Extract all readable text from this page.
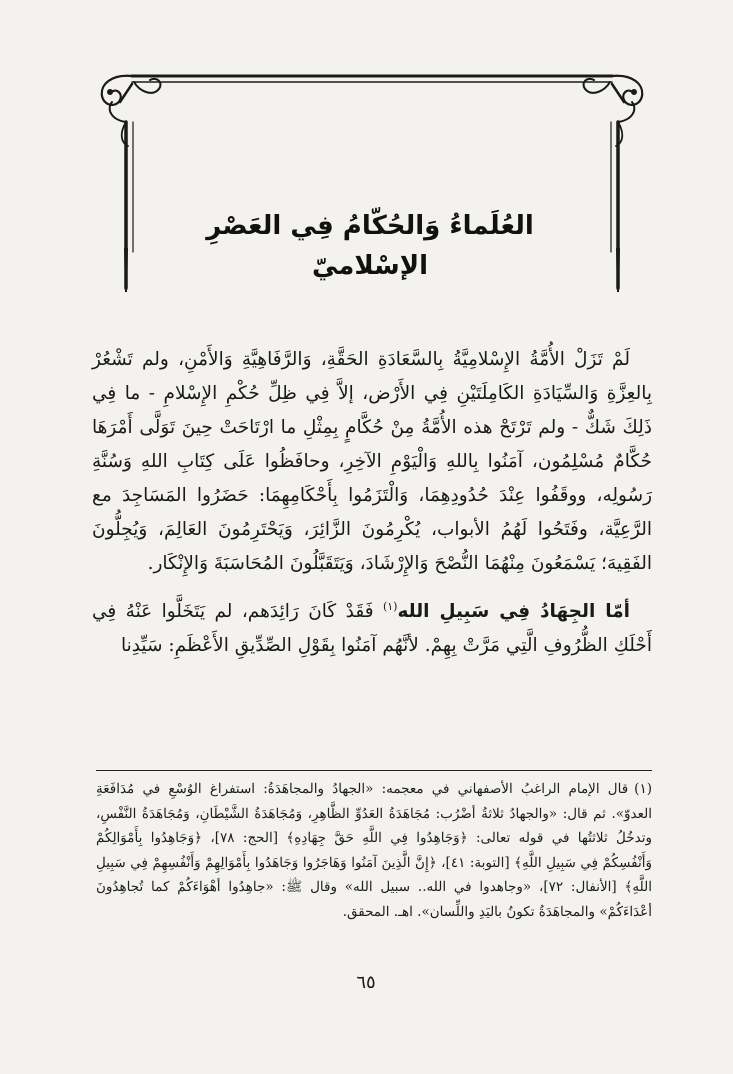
العُلَماءُ وَالحُكّامُ فِي العَصْرِ الإسْلاميّ

لَمْ تَزَلْ الأُمَّةُ الإِسْلامِيَّةُ بِالسَّعَادَةِ الحَقَّةِ، وَالرَّفَاهِيَّةِ وَالأَمْنِ، ولم تَشْعُرْ بِالعِزَّةِ وَالسِّيَادَةِ الكَامِلَتَيْنِ فِي الأَرْض، إلاَّ فِي ظِلِّ حُكْمِ الإِسْلامِ - ما فِي ذَلِكَ شَكٌّ - ولم تَرْتَحْ هذه الأُمَّةُ مِنْ حُكَّامٍ بِمِثْلِ ما ارْتَاحَتْ حِينَ تَوَلَّى أَمْرَهَا حُكَّامٌ مُسْلِمُون، آمَنُوا بِاللهِ وَالْيَوْمِ الآخِرِ، وحافَظُوا عَلَى كِتَابِ اللهِ وَسُنَّةِ رَسُولِه، ووقَفُوا عِنْدَ حُدُودِهِمَا، وَالْتَزَمُوا بِأَحْكَامِهِمَا: حَضَرُوا المَسَاجِدَ مع الرَّعِيَّة، وفَتَحُوا لَهُمُ الأبواب، يُكْرِمُونَ الزَّائِرَ، وَيَحْتَرِمُونَ العَالِمَ، وَيُجِلُّونَ الفَقِيهَ؛ يَسْمَعُونَ مِنْهُمَا النُّصْحَ وَالإِرْشَادَ، وَيَتَقَبَّلُونَ المُحَاسَبَةَ وَالإِنْكَار.

أمّا الجِهَادُ فِي سَبِيلِ الله$^{(١)}$ فَقَدْ كَانَ رَائِدَهم، لم يَتَخَلَّوا عَنْهُ فِي أَحْلَكِ الظُّرُوفِ الَّتِي مَرَّتْ بِهِمْ. لأنَّهُم آمَنُوا بِقَوْلِ الصِّدِّيقِ الأَعْظَمِ: سَيِّدِنا

(١)قال الإمام الراغبُ الأصفهاني في معجمه: «الجهادُ والمجاهَدَةُ: استفراغ الوُسْعِ في مُدَافَعَةِ العدوّ». ثم قال: «والجهادُ ثلاثةُ أضْرُب: مُجَاهَدَةُ العَدُوِّ الظَّاهِرِ، وَمُجَاهَدَةُ الشَّيْطَانِ، وَمُجَاهَدَةُ النَّفْسِ، وتدخُلُ ثلاثتُها في قوله تعالى: ﴿وَجَاهِدُوا فِي اللَّهِ حَقَّ جِهَادِهِ﴾ [الحج: ٧٨]، ﴿وَجَاهِدُوا بِأَمْوَالِكُمْ وَأَنْفُسِكُمْ فِي سَبِيلِ اللَّهِ﴾ [التوبة: ٤١]، ﴿إِنَّ الَّذِينَ آمَنُوا وَهَاجَرُوا وَجَاهَدُوا بِأَمْوَالِهِمْ وَأَنْفُسِهِمْ فِي سَبِيلِ اللَّهِ﴾ [الأنفال: ٧٢]، «وجاهدوا في الله.. سبيل الله» وقال ﷺ: «جاهِدُوا أهْوَاءَكُمْ كما تُجاهِدُونَ أعْدَاءَكُمْ» والمجاهَدَةُ تكونُ باليَدِ واللِّسان». اهـ. المحقق.
٦٥
